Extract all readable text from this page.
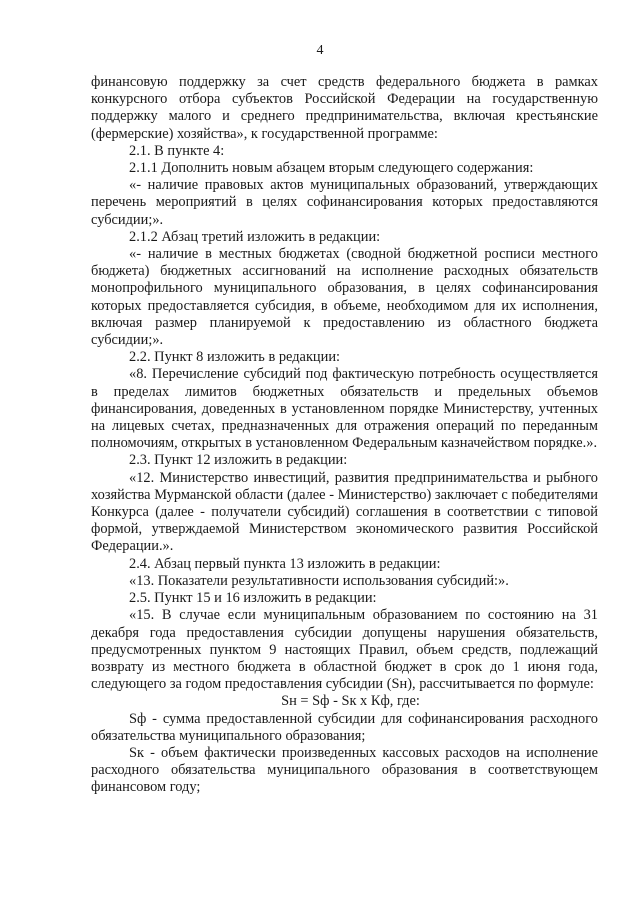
4

финансовую поддержку за счет средств федерального бюджета в рамках конкурсного отбора субъектов Российской Федерации на государственную поддержку малого и среднего предпринимательства, включая крестьянские (фермерские) хозяйства», к государственной программе:

2.1. В пункте 4:

2.1.1 Дополнить новым абзацем вторым следующего содержания:

«- наличие правовых актов муниципальных образований, утверждающих перечень мероприятий в целях софинансирования которых предоставляются субсидии;».

2.1.2 Абзац третий изложить в редакции:

«- наличие в местных бюджетах (сводной бюджетной росписи местного бюджета) бюджетных ассигнований на исполнение расходных обязательств монопрофильного муниципального образования, в целях софинансирования которых предоставляется субсидия, в объеме, необходимом для их исполнения, включая размер планируемой к предоставлению из областного бюджета субсидии;».

2.2. Пункт 8 изложить в редакции:

«8. Перечисление субсидий под фактическую потребность осуществляется в пределах лимитов бюджетных обязательств и предельных объемов финансирования, доведенных в установленном порядке Министерству, учтенных на лицевых счетах, предназначенных для отражения операций по переданным полномочиям, открытых в установленном Федеральным казначейством порядке.».

2.3. Пункт 12 изложить в редакции:

«12. Министерство инвестиций, развития предпринимательства и рыбного хозяйства Мурманской области (далее - Министерство) заключает с победителями Конкурса (далее - получатели субсидий) соглашения в соответствии с типовой формой, утверждаемой Министерством экономического развития Российской Федерации.».

2.4. Абзац первый пункта 13 изложить в редакции:

«13. Показатели результативности использования субсидий:».

2.5. Пункт 15 и 16 изложить в редакции:

«15. В случае если муниципальным образованием по состоянию на 31 декабря года предоставления субсидии допущены нарушения обязательств, предусмотренных пунктом 9 настоящих Правил, объем средств, подлежащий возврату из местного бюджета в областной бюджет в срок до 1 июня года, следующего за годом предоставления субсидии (Sн), рассчитывается по формуле:

Sн = Sф - Sк х Кф, где:

Sф - сумма предоставленной субсидии для софинансирования расходного обязательства муниципального образования;

Sк - объем фактически произведенных кассовых расходов на исполнение расходного обязательства муниципального образования в соответствующем финансовом году;
